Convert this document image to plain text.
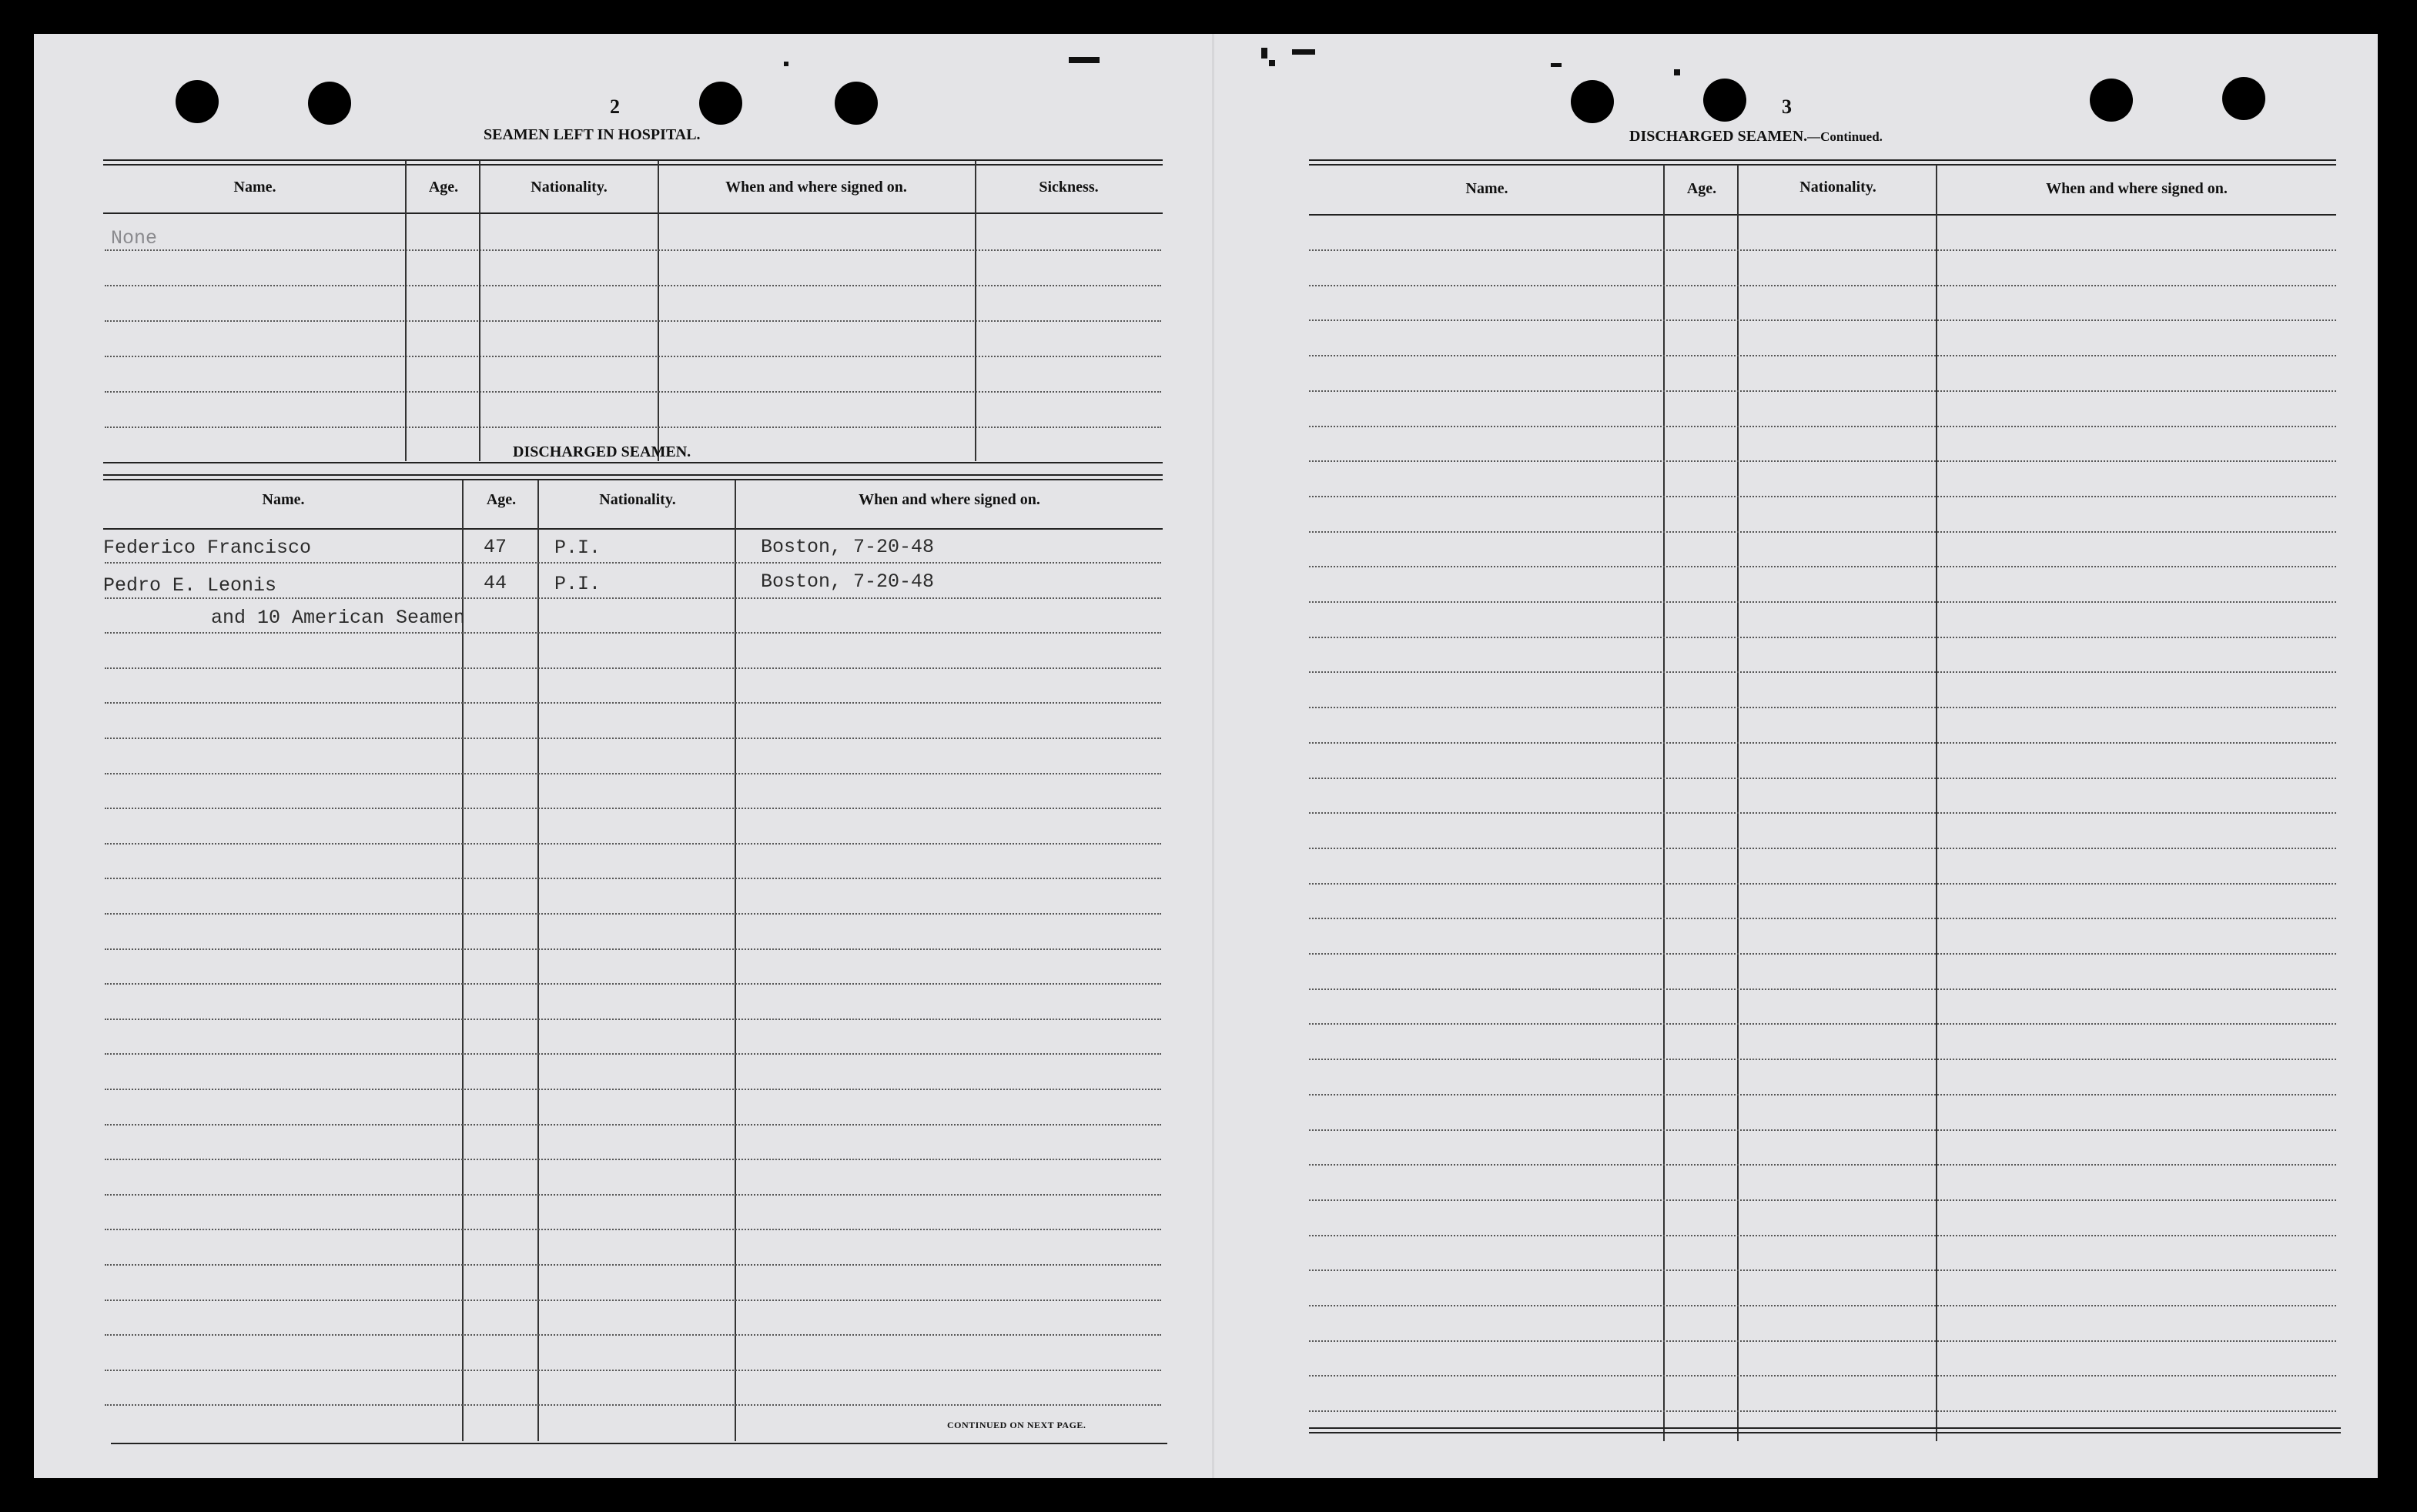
2
SEAMEN LEFT IN HOSPITAL.
Name.	Age.	Nationality.	When and where signed on.	Sickness.
None
DISCHARGED SEAMEN.
Name.	Age.	Nationality.	When and where signed on.
Federico Francisco	47 P.I.	Boston, 7-20-48
Pedro E. Leonis	44 P.I.	Boston, 7-20-48
and 10 American Seamen
CONTINUED ON NEXT PAGE.
3
DISCHARGED SEAMEN.—Continued.
Name.	Age.	Nationality.	When and where signed on.
